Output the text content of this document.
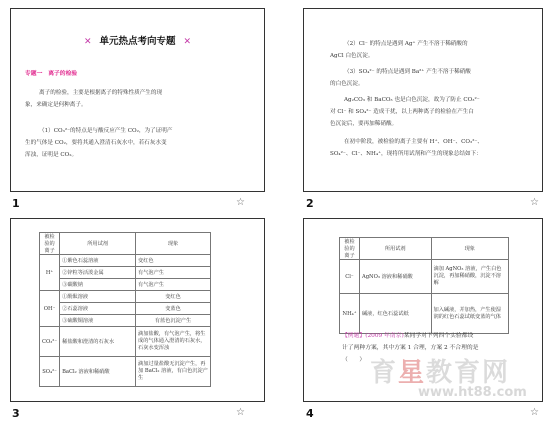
✕ 单元热点考向专题 ✕
专题一　离子的检验
离子的检验，主要是根据离子的特殊性质产生的现
象，来确定是何种离子。
（1）CO₃²⁻的特点是与酸反应产生 CO₂，为了证明产
生的气体是 CO₂，要将其通入澄清石灰水中，若石灰水变
浑浊，证明是 CO₂。
1	☆
（2）Cl⁻ 的特点是遇到 Ag⁺ 产生不溶于稀硝酸的
AgCl 白色沉淀。
（3）SO₄²⁻ 的特点是遇到 Ba²⁺ 产生不溶于稀硝酸
的白色沉淀。
Ag₂CO₃ 和 BaCO₃ 也是白色沉淀，故为了防止 CO₃²⁻
对 Cl⁻ 和 SO₄²⁻ 造成干扰，以上两种离子的检验在产生白
色沉淀后，要再加稀硝酸。
在初中阶段，被检验的离子主要有 H⁺、OH⁻、CO₃²⁻、
SO₄²⁻、Cl⁻、NH₄⁺，现将所用试剂和产生的现象总结如下：
2	☆
被检验的离子	所用试剂	现象
H⁺	①紫色石蕊溶液	变红色
	②锌粒等活泼金属	有气泡产生
	③碳酸钠	有气泡产生
OH⁻	①酚酞溶液	变红色
	②石蕊溶液	变蓝色
	③硫酸铜溶液	有蓝色沉淀产生
CO₃²⁻	稀盐酸和澄清的石灰水	滴加盐酸，有气泡产生，将生成的气体通入澄清的石灰水，石灰水变浑浊
SO₄²⁻	BaCl₂ 溶液和稀硝酸	滴加过量盐酸无沉淀产生，再加 BaCl₂ 溶液，有白色沉淀产生
3	☆
被检验的离子	所用试剂	现象
Cl⁻	AgNO₃ 溶液和稀硝酸	滴加 AgNO₃ 溶液，产生白色沉淀，再加稀硝酸，沉淀不溶解
NH₄⁺	碱液，红色石蕊试纸	加入碱液，并加热，产生使湿润的红色石蕊试纸变蓝的气体
【例题】(2009 年南京)某同学对下列四个实验都设
计了两种方案，其中方案 1 合理，方案 2 不合理的是
（　　）
4	☆
育星教育网
www.ht88.com
